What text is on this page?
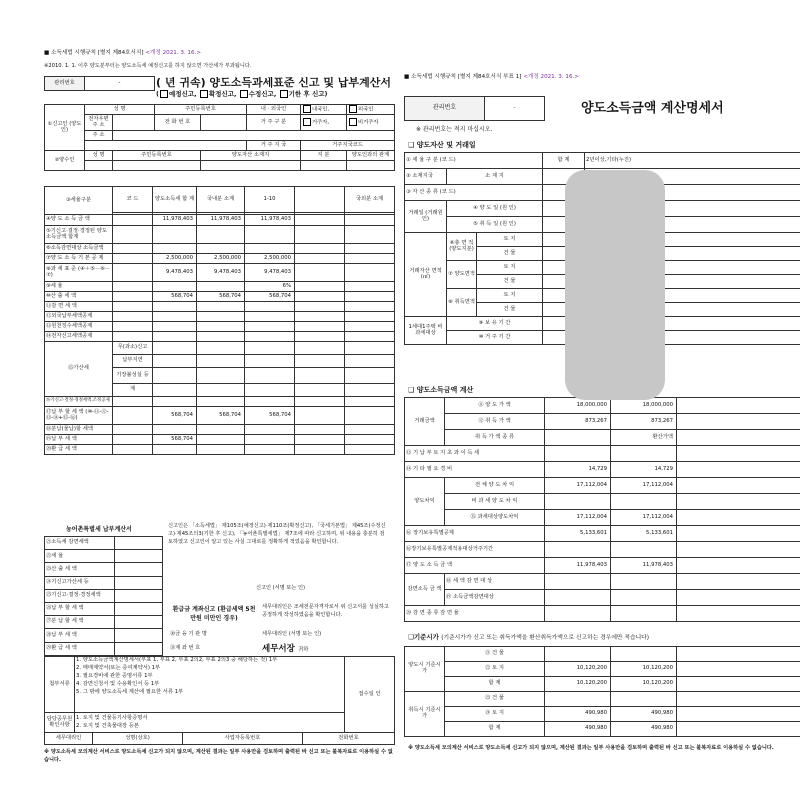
■ 소득세법 시행규칙 [별지 제84호서식] <개정 2021. 3. 16.>
※2010. 1. 1. 이후 양도분부터는 양도소득세 예정신고를 하지 않으면 가산세가 부과됩니다.
관리번호	-		( 년 귀속) 양도소득과세표준 신고 및 납부계산서
( 예정신고, 확정신고, 수정신고, 기한 후 신고)				

①신고인 (양도인)	성 명		주민등록번호		내 · 외국인	내국인,	외국인
	전자우편 주 소		전 화 번 호		거 주 구 분	거주자,	비거주자
	주 소						
					거 주 지 국	거주지국코드	
②양수인	성 명	주민등록번호		양도자산 소재지		지 분	양도인과의 관계

③세율구분	코 드	양도소득세 합 계	국내분 소계	1-10		국외분 소계

④양 도 소 득 금 액		11,978,403	11,978,403	11,978,403		
⑤기신고·결정·경정된 양도소득금액 합계						
⑥소득감면대상 소득금액						
⑦양 도 소 득 기 본 공 제		2,500,000	2,500,000	2,500,000		
⑧과 세 표 준 (④＋⑤－⑥－⑦)		9,478,403	9,478,403	9,478,403		
⑨세 율				6%		
⑩산 출 세 액		568,704	568,704	568,704		
⑪감 면 세 액						
⑫외국납부세액공제						
⑬원천징수세액공제						
⑭전자신고세액공제						
⑮가산세	무(과소)신고					
	납부지연					
	기장불성실 등					
	계					
⑯기신고·결정·경정세액,조정공제						
⑰납 부 할 세 액 (⑩-⑪-⑫-⑬-⑭+⑮-⑯)		568,704	568,704	568,704		
⑱분납(물납)할 세액						
⑲납 부 세 액		568,704				
⑳환 급 세 액						
농어촌특별세 납부계산서
㉑소득세 감면세액	
㉒세 율	
㉓산 출 세 액	
㉔기신고가산세 등	
㉕기신고·결정·경정세액	
㉖납 부 할 세 액	
㉗분 납 할 세 액	
㉘납 부 세 액	
㉙환 급 세 액	
신고인은 「소득세법」 제105조(예정신고)·제110조(확정신고), 「국세기본법」 제45조(수정신고)·제45조의3(기한 후 신고), 「농어촌특별세법」 제7조에 따라 신고하며, 위 내용을 충분히 검토하였고 신고인이 알고 있는 사실 그대로를 정확하게 적었음을 확인합니다.
신고인 (서명 또는 인)
환급금 계좌신고 (환급세액 5천만원 미만인 경우)
세무대리인은 조세전문자격자로서 위 신고서를 성실하고 공정하게 작성하였음을 확인합니다.
㉚금 융 기 관 명
㉛계 좌 번 호
세무대리인 (서명 또는 인)
세무서장 귀하
첨부서류	1. 양도소득금액계산명세서(부표 1, 부표 2, 부표 2의2, 부표 2의3 중 해당하는 것) 1부
2. 매매계약서(또는 증여계약서) 1부
3. 필요경비에 관한 증명서류 1부
4. 감면신청서 및 수용확인서 등 1부
5. 그 밖에 양도소득세 계산에 필요한 서류 1부	접수일 인
담당공무원 확인사항	1. 토지 및 건물등기사항증명서
2. 토지 및 건축물대장 등본	
세무대리인	성명(상호)	사업자등록번호	전화번호
※ 양도소득세 모의계산 서비스로 양도소득세 신고가 되지 않으며, 계산된 결과는 일부 사용만을 검토하며 출력된 바 신고 또는 불복자료로 이용하실 수 없습니다.
■ 소득세법 시행규칙 [별지 제84호서식 부표 1] <개정 2021. 3. 16.>
관리번호	-	양도소득금액 계산명세서
※ 관리번호는 적지 마십시오.
❑ 양도자산 및 거래일
① 세 율 구 분 (코 드)			합 계	2년이상,기타(누진)
② 소재지국	소 재 지			
③ 자 산 종 류 (코 드)				
거래일 (거래원인)	④ 양 도 일 (원 인)			
	⑤ 취 득 일 (원 인)			
거래자산 면적(㎡)	⑥총 면 적 (양도지분)	토 지		
		건 물		
	⑦ 양도면적	토 지		
		건 물		
	⑧ 취득면적	토 지		
		건 물		
1세대1주택 비과세대상	⑨ 보 유 기 간			
	⑩ 거 주 기 간			
❑ 양도소득금액 계산
거래금액	⑪ 양 도 가 액	18,000,000	18,000,000	
	⑫ 취 득 가 액	873,267	873,267	
	취 득 가 액 종 류		환산가액	
⑬ 기 납 부 토 지 초 과 이 득 세				
⑭ 기 타 필 요 경 비		14,729	14,729	
양도차익	전 체 양 도 차 익	17,112,004	17,112,004	
	비 과 세 양 도 차 익			
	⑮ 과세대상양도차익	17,112,004	17,112,004	
⑯ 장기보유특별공제		5,133,601	5,133,601	
⑯장기보유특별공제적용대상거주기간				
⑰ 양 도 소 득 금 액		11,978,403	11,978,403	
감면소득 금 액	⑱ 세 액 감 면 대 상			
	⑲ 소득금액감면대상			
⑳ 감 면 종 류 감 면 율				
❑기준시가 (기준시가가 신고 또는 취득가액을 환산취득가액으로 신고하는 경우에만 적습니다)
양도시 기준시가	㉑ 건 물			
	㉒ 토 지	10,120,200	10,120,200	
	합 계	10,120,200	10,120,200	
취득시 기준시가	㉓ 건 물			
	㉔ 토 지	490,980	490,980	
	합 계	490,980	490,980	
※ 양도소득세 모의계산 서비스로 양도소득세 신고가 되지 않으며, 계산된 결과는 일부 사용만을 검토하며 출력된 바 신고 또는 불복자료로 이용하실 수 없습니다.
